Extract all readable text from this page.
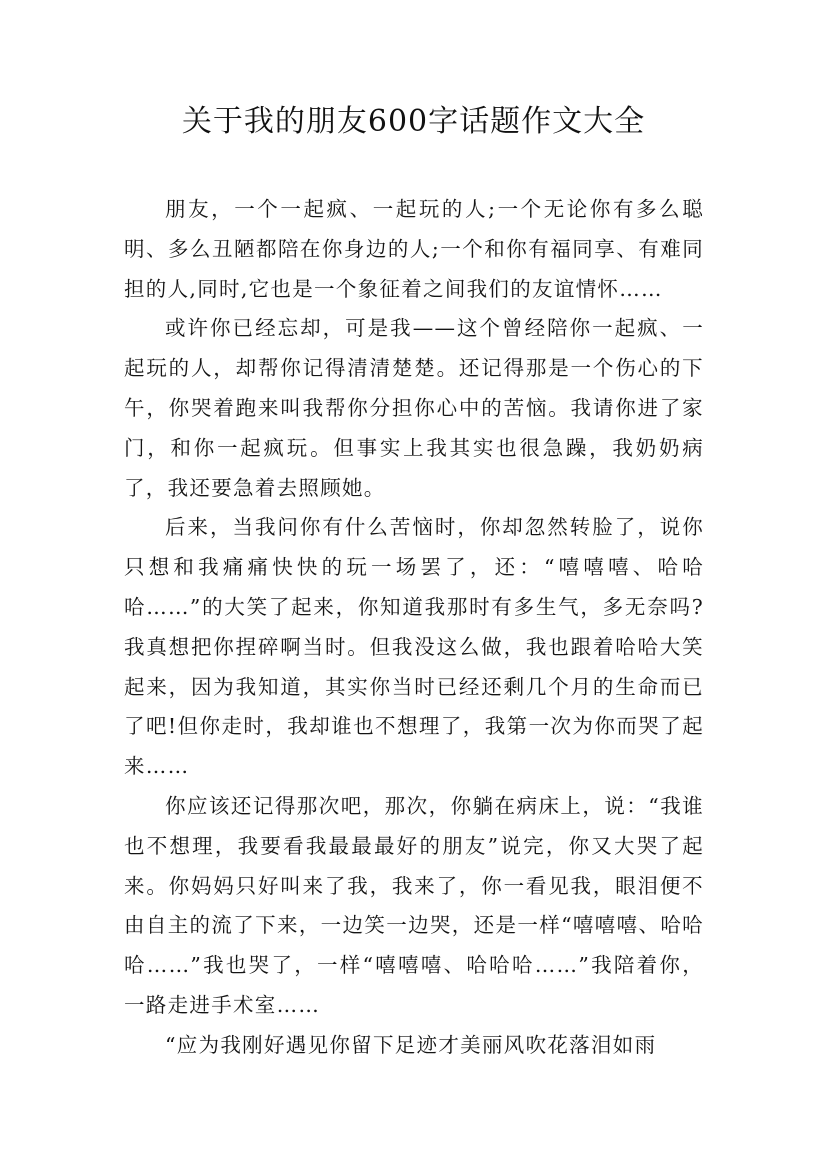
关于我的朋友600字话题作文大全

朋友，一个一起疯、一起玩的人;一个无论你有多么聪明、多么丑陋都陪在你身边的人;一个和你有福同享、有难同担的人,同时,它也是一个象征着之间我们的友谊情怀……

或许你已经忘却，可是我——这个曾经陪你一起疯、一起玩的人，却帮你记得清清楚楚。还记得那是一个伤心的下午，你哭着跑来叫我帮你分担你心中的苦恼。我请你进了家门，和你一起疯玩。但事实上我其实也很急躁，我奶奶病了，我还要急着去照顾她。

后来，当我问你有什么苦恼时，你却忽然转脸了，说你只想和我痛痛快快的玩一场罢了，还：“嘻嘻嘻、哈哈哈……”的大笑了起来，你知道我那时有多生气，多无奈吗?我真想把你捏碎啊当时。但我没这么做，我也跟着哈哈大笑起来，因为我知道，其实你当时已经还剩几个月的生命而已了吧!但你走时，我却谁也不想理了，我第一次为你而哭了起来……

你应该还记得那次吧，那次，你躺在病床上，说：“我谁也不想理，我要看我最最最好的朋友”说完，你又大哭了起来。你妈妈只好叫来了我，我来了，你一看见我，眼泪便不由自主的流了下来，一边笑一边哭，还是一样“嘻嘻嘻、哈哈哈……”我也哭了，一样“嘻嘻嘻、哈哈哈……”我陪着你，一路走进手术室……

“应为我刚好遇见你留下足迹才美丽风吹花落泪如雨
